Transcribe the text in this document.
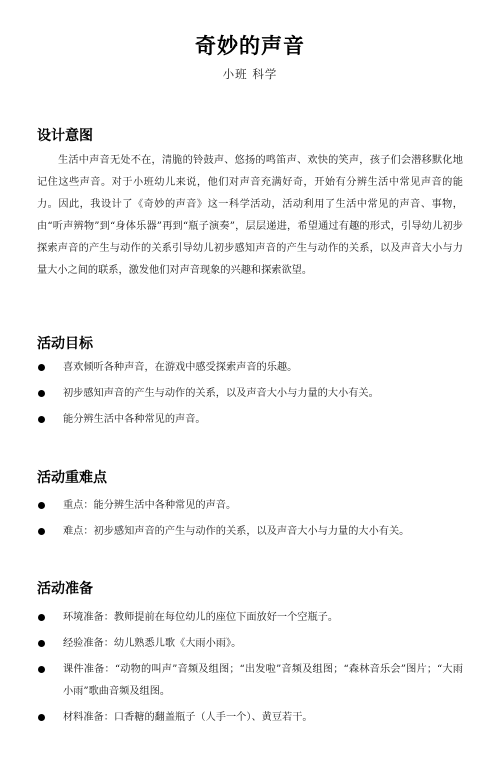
奇妙的声音
小班 科学
设计意图

生活中声音无处不在，清脆的铃鼓声、悠扬的鸣笛声、欢快的笑声，孩子们会潜移默化地记住这些声音。对于小班幼儿来说，他们对声音充满好奇，开始有分辨生活中常见声音的能力。因此，我设计了《奇妙的声音》这一科学活动，活动利用了生活中常见的声音、事物，由“听声辨物”到“身体乐器”再到“瓶子演奏”，层层递进，希望通过有趣的形式，引导幼儿初步探索声音的产生与动作的关系引导幼儿初步感知声音的产生与动作的关系，以及声音大小与力量大小之间的联系，激发他们对声音现象的兴趣和探索欲望。

活动目标
喜欢倾听各种声音，在游戏中感受探索声音的乐趣。
初步感知声音的产生与动作的关系，以及声音大小与力量的大小有关。
能分辨生活中各种常见的声音。
活动重难点
重点：能分辨生活中各种常见的声音。
难点：初步感知声音的产生与动作的关系，以及声音大小与力量的大小有关。
活动准备
环境准备：教师提前在每位幼儿的座位下面放好一个空瓶子。
经验准备：幼儿熟悉儿歌《大雨小雨》。
课件准备：“动物的叫声”音频及组图；“出发啦”音频及组图；“森林音乐会”图片；“大雨小雨”歌曲音频及组图。
材料准备：口香糖的翻盖瓶子（人手一个）、黄豆若干。
